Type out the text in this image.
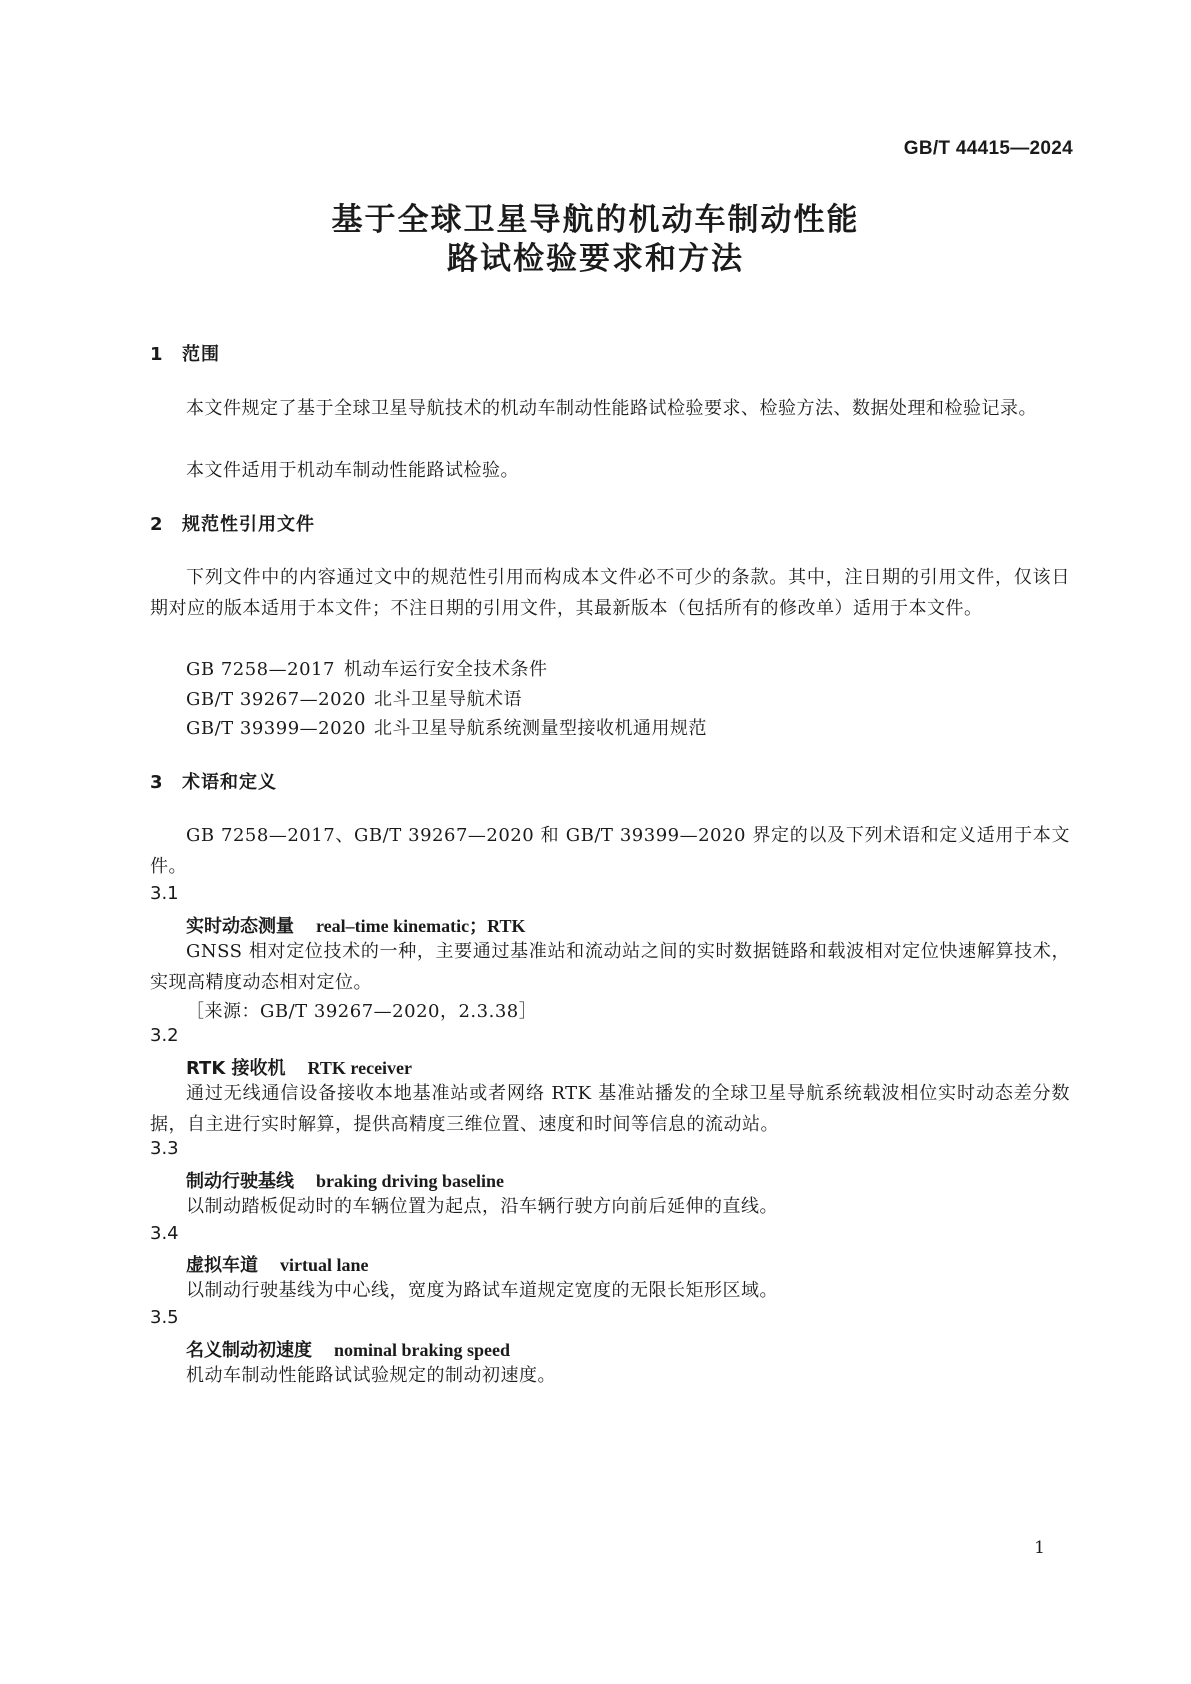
GB/T 44415—2024
基于全球卫星导航的机动车制动性能
路试检验要求和方法
1 范围

本文件规定了基于全球卫星导航技术的机动车制动性能路试检验要求、检验方法、数据处理和检验记录。

本文件适用于机动车制动性能路试检验。

2 规范性引用文件

下列文件中的内容通过文中的规范性引用而构成本文件必不可少的条款。其中，注日期的引用文件，仅该日期对应的版本适用于本文件；不注日期的引用文件，其最新版本（包括所有的修改单）适用于本文件。

GB 7258—2017 机动车运行安全技术条件
GB/T 39267—2020 北斗卫星导航术语
GB/T 39399—2020 北斗卫星导航系统测量型接收机通用规范
3 术语和定义

GB 7258—2017、GB/T 39267—2020 和 GB/T 39399—2020 界定的以及下列术语和定义适用于本文件。

3.1
实时动态测量 real–time kinematic；RTK

GNSS 相对定位技术的一种，主要通过基准站和流动站之间的实时数据链路和载波相对定位快速解算技术，实现高精度动态相对定位。

［来源：GB/T 39267—2020，2.3.38］
3.2
RTK 接收机 RTK receiver

通过无线通信设备接收本地基准站或者网络 RTK 基准站播发的全球卫星导航系统载波相位实时动态差分数据，自主进行实时解算，提供高精度三维位置、速度和时间等信息的流动站。

3.3
制动行驶基线 braking driving baseline

以制动踏板促动时的车辆位置为起点，沿车辆行驶方向前后延伸的直线。

3.4
虚拟车道 virtual lane

以制动行驶基线为中心线，宽度为路试车道规定宽度的无限长矩形区域。

3.5
名义制动初速度 nominal braking speed

机动车制动性能路试试验规定的制动初速度。

1
